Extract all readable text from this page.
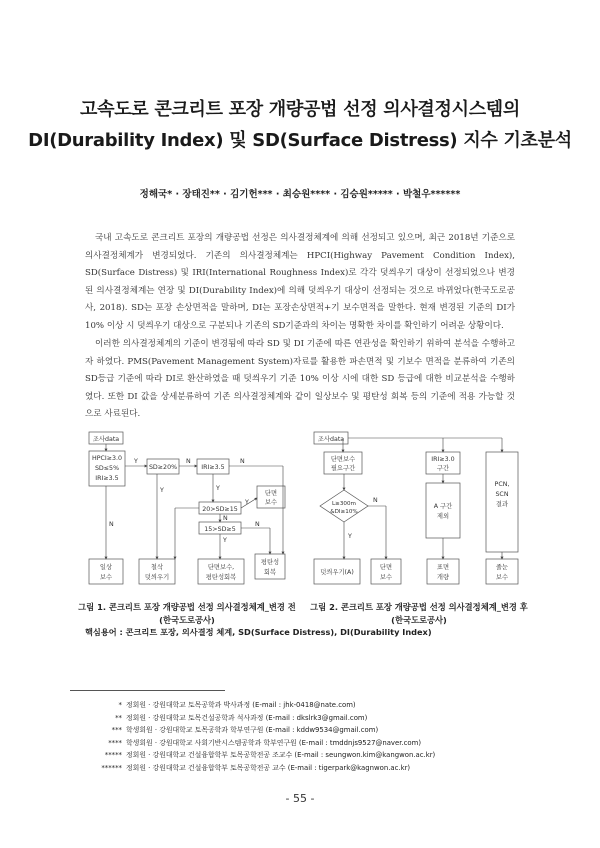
고속도로 콘크리트 포장 개량공법 선정 의사결정시스템의
DI(Durability Index) 및 SD(Surface Distress) 지수 기초분석
정해국* · 장태진** · 김기헌*** · 최승원**** · 김승원***** · 박철우******

국내 고속도로 콘크리트 포장의 개량공법 선정은 의사결정체계에 의해 선정되고 있으며, 최근 2018년 기준으로 의사결정체계가 변경되었다. 기존의 의사결정체계는 HPCI(Highway Pavement Condition Index), SD(Surface Distress) 및 IRI(International Roughness Index)로 각각 덧씌우기 대상이 선정되었으나 변경된 의사결정체계는 연장 및 DI(Durability Index)에 의해 덧씌우기 대상이 선정되는 것으로 바뀌었다(한국도로공사, 2018). SD는 포장 손상면적을 말하며, DI는 포장손상면적+기 보수면적을 말한다. 현재 변경된 기준의 DI가 10% 이상 시 덧씌우기 대상으로 구분되나 기존의 SD기준과의 차이는 명확한 차이를 확인하기 어려운 상황이다.

이러한 의사결정체계의 기준이 변경됨에 따라 SD 및 DI 기준에 따른 연관성을 확인하기 위하여 분석을 수행하고자 하였다. PMS(Pavement Management System)자료를 활용한 파손면적 및 기보수 면적을 분류하여 기존의 SD등급 기준에 따라 DI로 환산하였을 때 덧씌우기 기준 10% 이상 시에 대한 SD 등급에 대한 비교분석을 수행하였다. 또한 DI 값을 상세분류하여 기존 의사결정체계와 같이 일상보수 및 평탄성 회복 등의 기준에 적용 가능할 것으로 사료된다.

조사data
HPCI≥3.0
SD≤5%
IRI≥3.5
SD≥20%	IRI≥3.5
20>SD≥15
15>SD≥5
단면
보수
일상
보수
철삭
덧씌우기
단면보수,
평탄성회복
평탄성
회복
Y	N	N
N
Y	Y
Y
N
Y
N
조사data
단면보수
필요구간
IRI≥3.0
구간
L≥300m
&DI≥10%
A 구간
제외
PCN,
SCN
결과
덧씌우기(A)
단면
보수
표면
개량
줄눈
보수
Y
N
그림 1. 콘크리트 포장 개량공법 선정 의사결정체계_변경 전
(한국도로공사)
그림 2. 콘크리트 포장 개량공법 선정 의사결정체계_변경 후
(한국도로공사)
핵심용어 : 콘크리트 포장, 의사결정 체계, SD(Surface Distress), DI(Durability Index)
* 정회원 · 강원대학교 토목공학과 박사과정 (E-mail : jhk-0418@nate.com)
** 정회원 · 강원대학교 토목건설공학과 석사과정 (E-mail : dkslrk3@gmail.com)
*** 학생회원 · 강원대학교 토목공학과 학부연구원 (E-mail : kddw9534@gmail.com)
**** 학생회원 · 강원대학교 사회기반시스템공학과 학부연구원 (E-mail : tmddnjs9527@naver.com)
***** 정회원 · 강원대학교 건설융합학부 토목공학전공 조교수 (E-mail : seungwon.kim@kangwon.ac.kr)
****** 정회원 · 강원대학교 건설융합학부 토목공학전공 교수 (E-mail : tigerpark@kagnwon.ac.kr)
- 55 -
